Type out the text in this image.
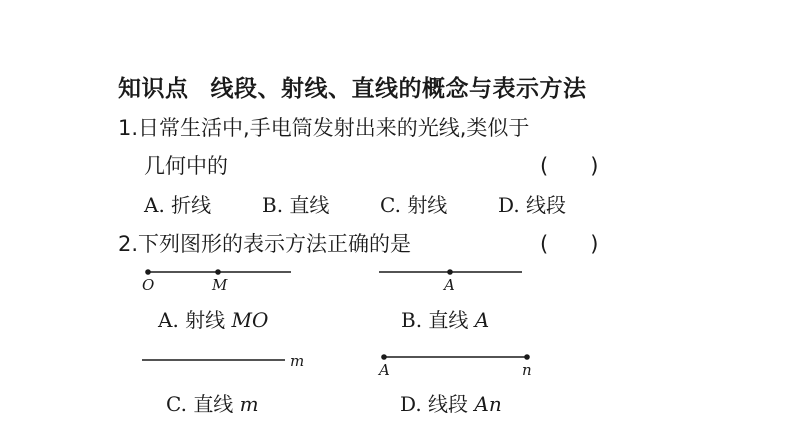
知识点 线段、射线、直线的概念与表示方法
1.日常生活中,手电筒发射出来的光线,类似于
几何中的	(　　)
A. 折线	B. 直线	C. 射线	D. 线段
2.下列图形的表示方法正确的是	(　　)
O	M	A
m	A	n
A. 射线 MO	B. 直线 A
C. 直线 m	D. 线段 An
